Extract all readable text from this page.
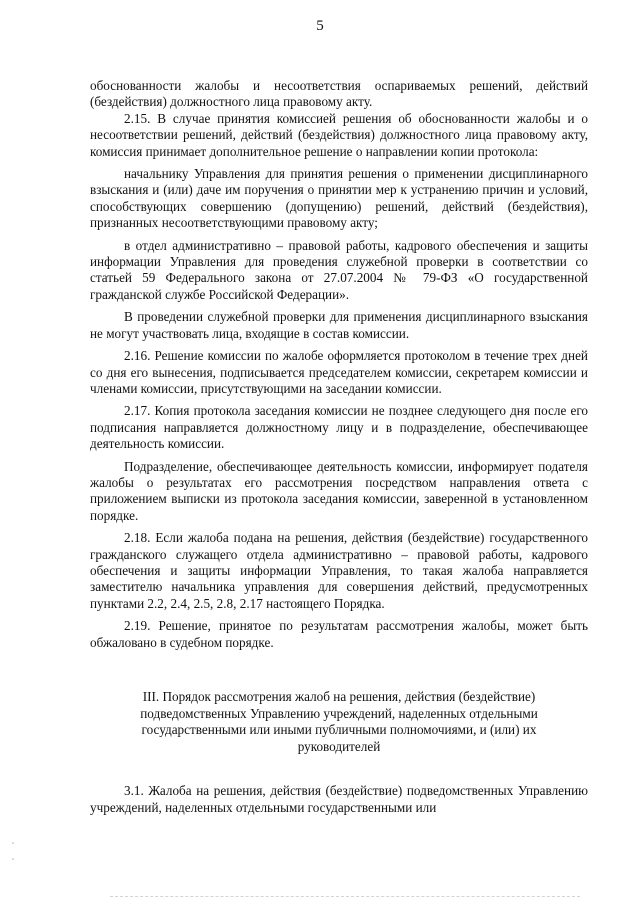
5

обоснованности жалобы и несоответствия оспариваемых решений, действий (бездействия) должностного лица правовому акту.

2.15. В случае принятия комиссией решения об обоснованности жалобы и о несоответствии решений, действий (бездействия) должностного лица правовому акту, комиссия принимает дополнительное решение о направлении копии протокола:

начальнику Управления для принятия решения о применении дисциплинарного взыскания и (или) даче им поручения о принятии мер к устранению причин и условий, способствующих совершению (допущению) решений, действий (бездействия), признанных несоответствующими правовому акту;

в отдел административно – правовой работы, кадрового обеспечения и защиты информации Управления для проведения служебной проверки в соответствии со статьей 59 Федерального закона от 27.07.2004 № 79-ФЗ «О государственной гражданской службе Российской Федерации».

В проведении служебной проверки для применения дисциплинарного взыскания не могут участвовать лица, входящие в состав комиссии.

2.16. Решение комиссии по жалобе оформляется протоколом в течение трех дней со дня его вынесения, подписывается председателем комиссии, секретарем комиссии и членами комиссии, присутствующими на заседании комиссии.

2.17. Копия протокола заседания комиссии не позднее следующего дня после его подписания направляется должностному лицу и в подразделение, обеспечивающее деятельность комиссии.

Подразделение, обеспечивающее деятельность комиссии, информирует подателя жалобы о результатах его рассмотрения посредством направления ответа с приложением выписки из протокола заседания комиссии, заверенной в установленном порядке.

2.18. Если жалоба подана на решения, действия (бездействие) государственного гражданского служащего отдела административно – правовой работы, кадрового обеспечения и защиты информации Управления, то такая жалоба направляется заместителю начальника управления для совершения действий, предусмотренных пунктами 2.2, 2.4, 2.5, 2.8, 2.17 настоящего Порядка.

2.19. Решение, принятое по результатам рассмотрения жалобы, может быть обжаловано в судебном порядке.

III. Порядок рассмотрения жалоб на решения, действия (бездействие)
подведомственных Управлению учреждений, наделенных отдельными
государственными или иными публичными полномочиями, и (или) их
руководителей

3.1. Жалоба на решения, действия (бездействие) подведомственных Управлению учреждений, наделенных отдельными государственными или
